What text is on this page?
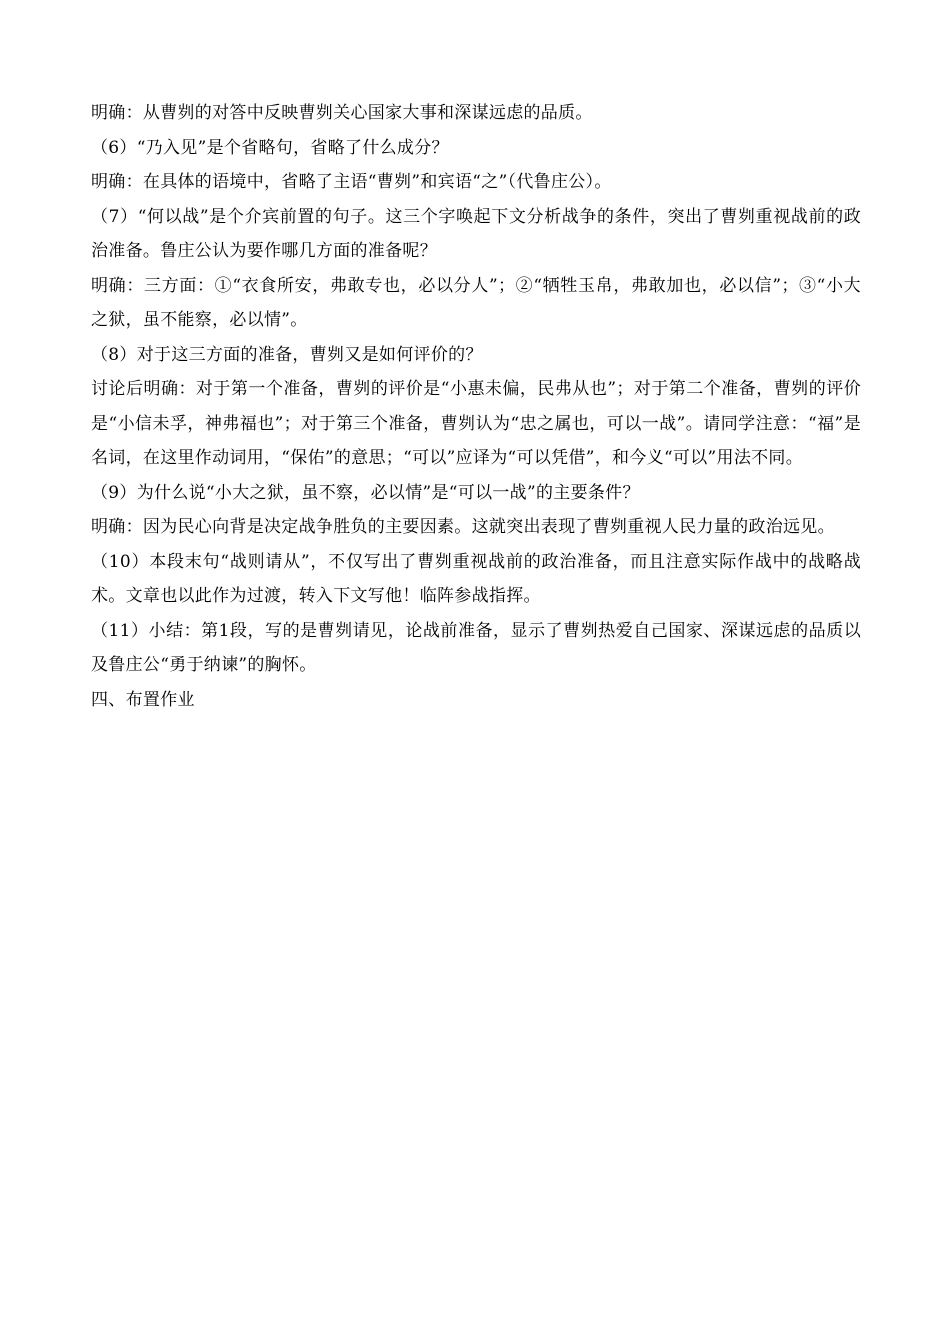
明确：从曹刿的对答中反映曹刿关心国家大事和深谋远虑的品质。

（6）“乃入见”是个省略句，省略了什么成分？

明确：在具体的语境中，省略了主语“曹刿”和宾语“之”（代鲁庄公）。

（7）“何以战”是个介宾前置的句子。这三个字唤起下文分析战争的条件，突出了曹刿重视战前的政治准备。鲁庄公认为要作哪几方面的准备呢？

明确：三方面：①“衣食所安，弗敢专也，必以分人”；②“牺牲玉帛，弗敢加也，必以信”；③“小大之狱，虽不能察，必以情”。

（8）对于这三方面的准备，曹刿又是如何评价的？

讨论后明确：对于第一个准备，曹刿的评价是“小惠未偏，民弗从也”；对于第二个准备，曹刿的评价是“小信未孚，神弗福也”；对于第三个准备，曹刿认为“忠之属也，可以一战”。请同学注意：“福”是名词，在这里作动词用，“保佑”的意思；“可以”应译为“可以凭借”，和今义“可以”用法不同。

（9）为什么说“小大之狱，虽不察，必以情”是“可以一战”的主要条件？

明确：因为民心向背是决定战争胜负的主要因素。这就突出表现了曹刿重视人民力量的政治远见。

（10）本段末句“战则请从”，不仅写出了曹刿重视战前的政治准备，而且注意实际作战中的战略战术。文章也以此作为过渡，转入下文写他！临阵参战指挥。

（11）小结：第1段，写的是曹刿请见，论战前准备，显示了曹刿热爱自己国家、深谋远虑的品质以及鲁庄公“勇于纳谏”的胸怀。

四、布置作业
